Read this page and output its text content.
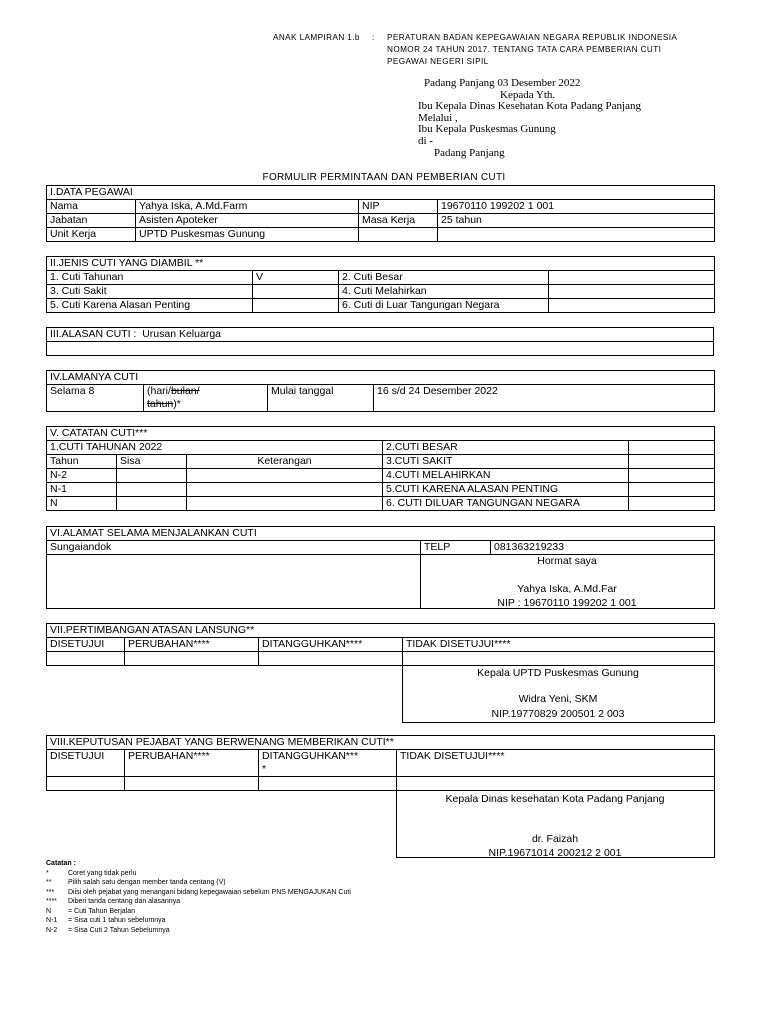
ANAK LAMPIRAN 1.b : PERATURAN BADAN KEPEGAWAIAN NEGARA REPUBLIK INDONESIA
NOMOR 24 TAHUN 2017. TENTANG TATA CARA PEMBERIAN CUTI
PEGAWAI NEGERI SIPIL
Padang Panjang 03 Desember 2022
Kepada Yth.
Ibu Kepala Dinas Kesehatan Kota Padang Panjang
Melalui ,
Ibu Kepala Puskesmas Gunung
di -
Padang Panjang
FORMULIR PERMINTAAN DAN PEMBERIAN CUTI
I.DATA PEGAWAI			
Nama	Yahya Iska, A.Md.Farm	NIP	19670110 199202 1 001
Jabatan	Asisten Apoteker	Masa Kerja	25 tahun
Unit Kerja	UPTD Puskesmas Gunung		
II.JENIS CUTI YANG DIAMBIL **			
1. Cuti Tahunan	V	2. Cuti Besar	
3. Cuti Sakit		4. Cuti Melahirkan	
5. Cuti Karena Alasan Penting		6. Cuti di Luar Tangungan Negara	
III.ALASAN CUTI : Urusan Keluarga

IV.LAMANYA CUTI
Selama 8	(hari/bulan/
tahun)*	Mulai tanggal	16 s/d 24 Desember 2022
V. CATATAN CUTI***				
1.CUTI TAHUNAN 2022			2.CUTI BESAR	
Tahun	Sisa	Keterangan	3.CUTI SAKIT	
N-2			4.CUTI MELAHIRKAN	
N-1			5.CUTI KARENA ALASAN PENTING	
N			6. CUTI DILUAR TANGUNGAN NEGARA	
VI.ALAMAT SELAMA MENJALANKAN CUTI		
Sungaiandok	TELP	081363219233

Hormat saya
Yahya Iska, A.Md.Far
NIP : 19670110 199202 1 001
VII.PERTIMBANGAN ATASAN LANSUNG**			
DISETUJUI	PERUBAHAN****	DITANGGUHKAN****	TIDAK DISETUJUI****

Kepala UPTD Puskesmas Gunung
Widra Yeni, SKM
NIP.19770829 200501 2 003
VIII.KEPUTUSAN PEJABAT YANG BERWENANG MEMBERIKAN CUTI**			
DISETUJUI	PERUBAHAN****	DITANGGUHKAN***
*	TIDAK DISETUJUI****

Kepala Dinas kesehatan Kota Padang Panjang
dr. Faizah
NIP.19671014 200212 2 001
Catatan :
*	Coret yang tidak perlu
** Pilih salah satu dengan member tanda centang (V)
*** Diisi oleh pejabat yang menangani bidang kepegawaian sebelum PNS MENGAJUKAN Cuti
**** Diberi tanda centang dan alasannya
N = Cuti Tahun Berjalan
N-1 = Sisa cuti 1 tahun sebelumnya
N-2 = Sisa Cuti 2 Tahun Sebelumnya
